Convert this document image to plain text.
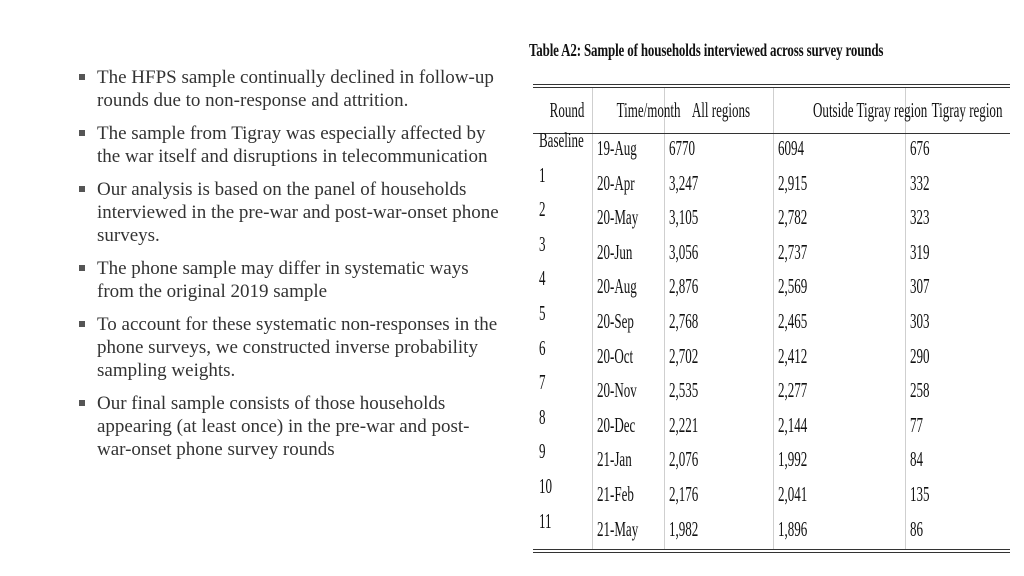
The HFPS sample continually declined in follow-up rounds due to non-response and attrition.
The sample from Tigray was especially affected by the war itself and disruptions in telecommunication
Our analysis is based on the panel of households interviewed in the pre-war and post-war-onset phone surveys.
The phone sample may differ in systematic ways from the original 2019 sample
To account for these systematic non-responses in the phone surveys, we constructed inverse probability sampling weights.
Our final sample consists of those households appearing (at least once) in the pre-war and post-war-onset phone survey rounds
Table A2: Sample of households interviewed across survey rounds
Round	Time/month	All regions	Outside Tigray region	Tigray region
Baseline	19-Aug	6770	6094	676
1	20-Apr	3,247	2,915	332
2	20-May	3,105	2,782	323
3	20-Jun	3,056	2,737	319
4	20-Aug	2,876	2,569	307
5	20-Sep	2,768	2,465	303
6	20-Oct	2,702	2,412	290
7	20-Nov	2,535	2,277	258
8	20-Dec	2,221	2,144	77
9	21-Jan	2,076	1,992	84
10	21-Feb	2,176	2,041	135
11	21-May	1,982	1,896	86
